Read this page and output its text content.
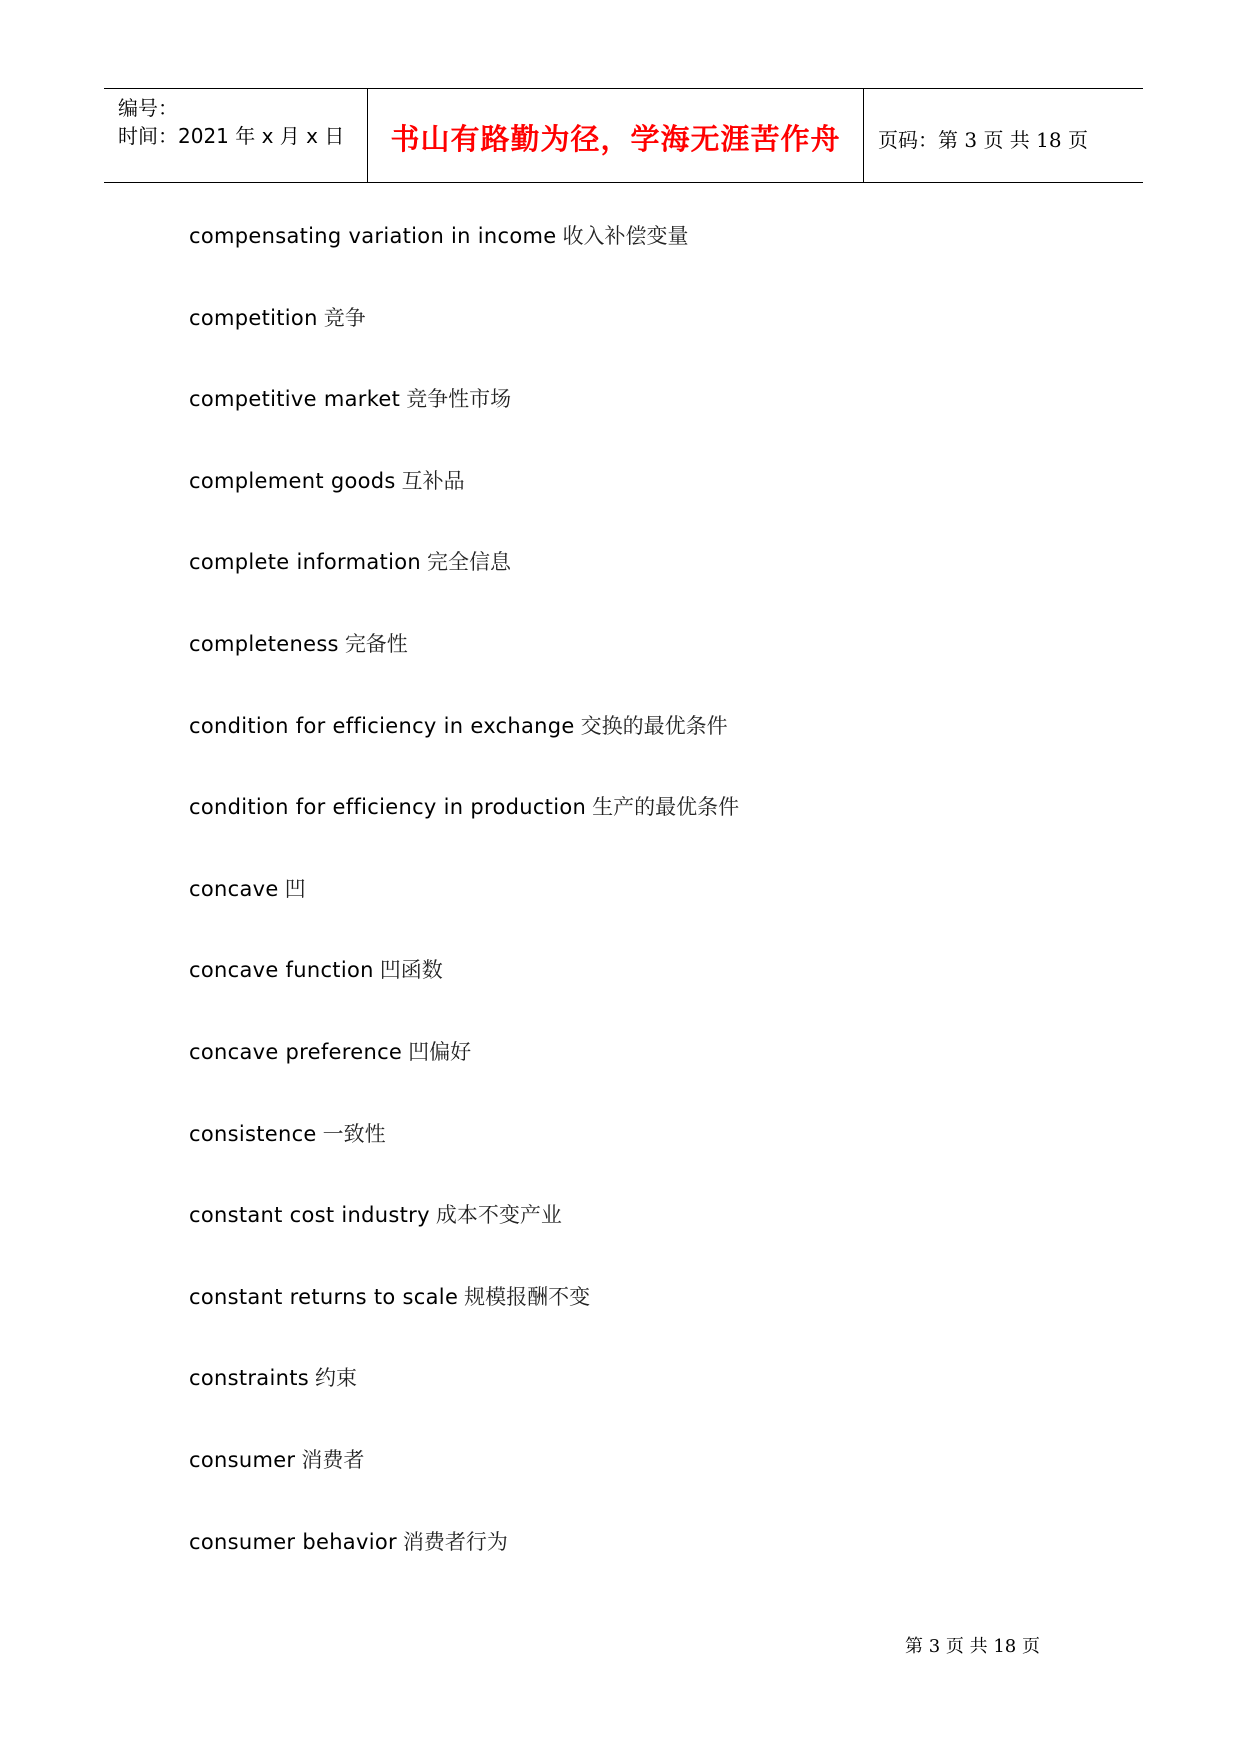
编号：
时间：2021 年 x 月 x 日	书山有路勤为径，学海无涯苦作舟	页码：第 3 页 共 18 页
compensating variation in income 收入补偿变量
competition 竞争
competitive market 竞争性市场
complement goods 互补品
complete information 完全信息
completeness 完备性
condition for efficiency in exchange 交换的最优条件
condition for efficiency in production 生产的最优条件
concave 凹
concave function 凹函数
concave preference 凹偏好
consistence 一致性
constant cost industry 成本不变产业
constant returns to scale 规模报酬不变
constraints 约束
consumer 消费者
consumer behavior 消费者行为
第 3 页 共 18 页
